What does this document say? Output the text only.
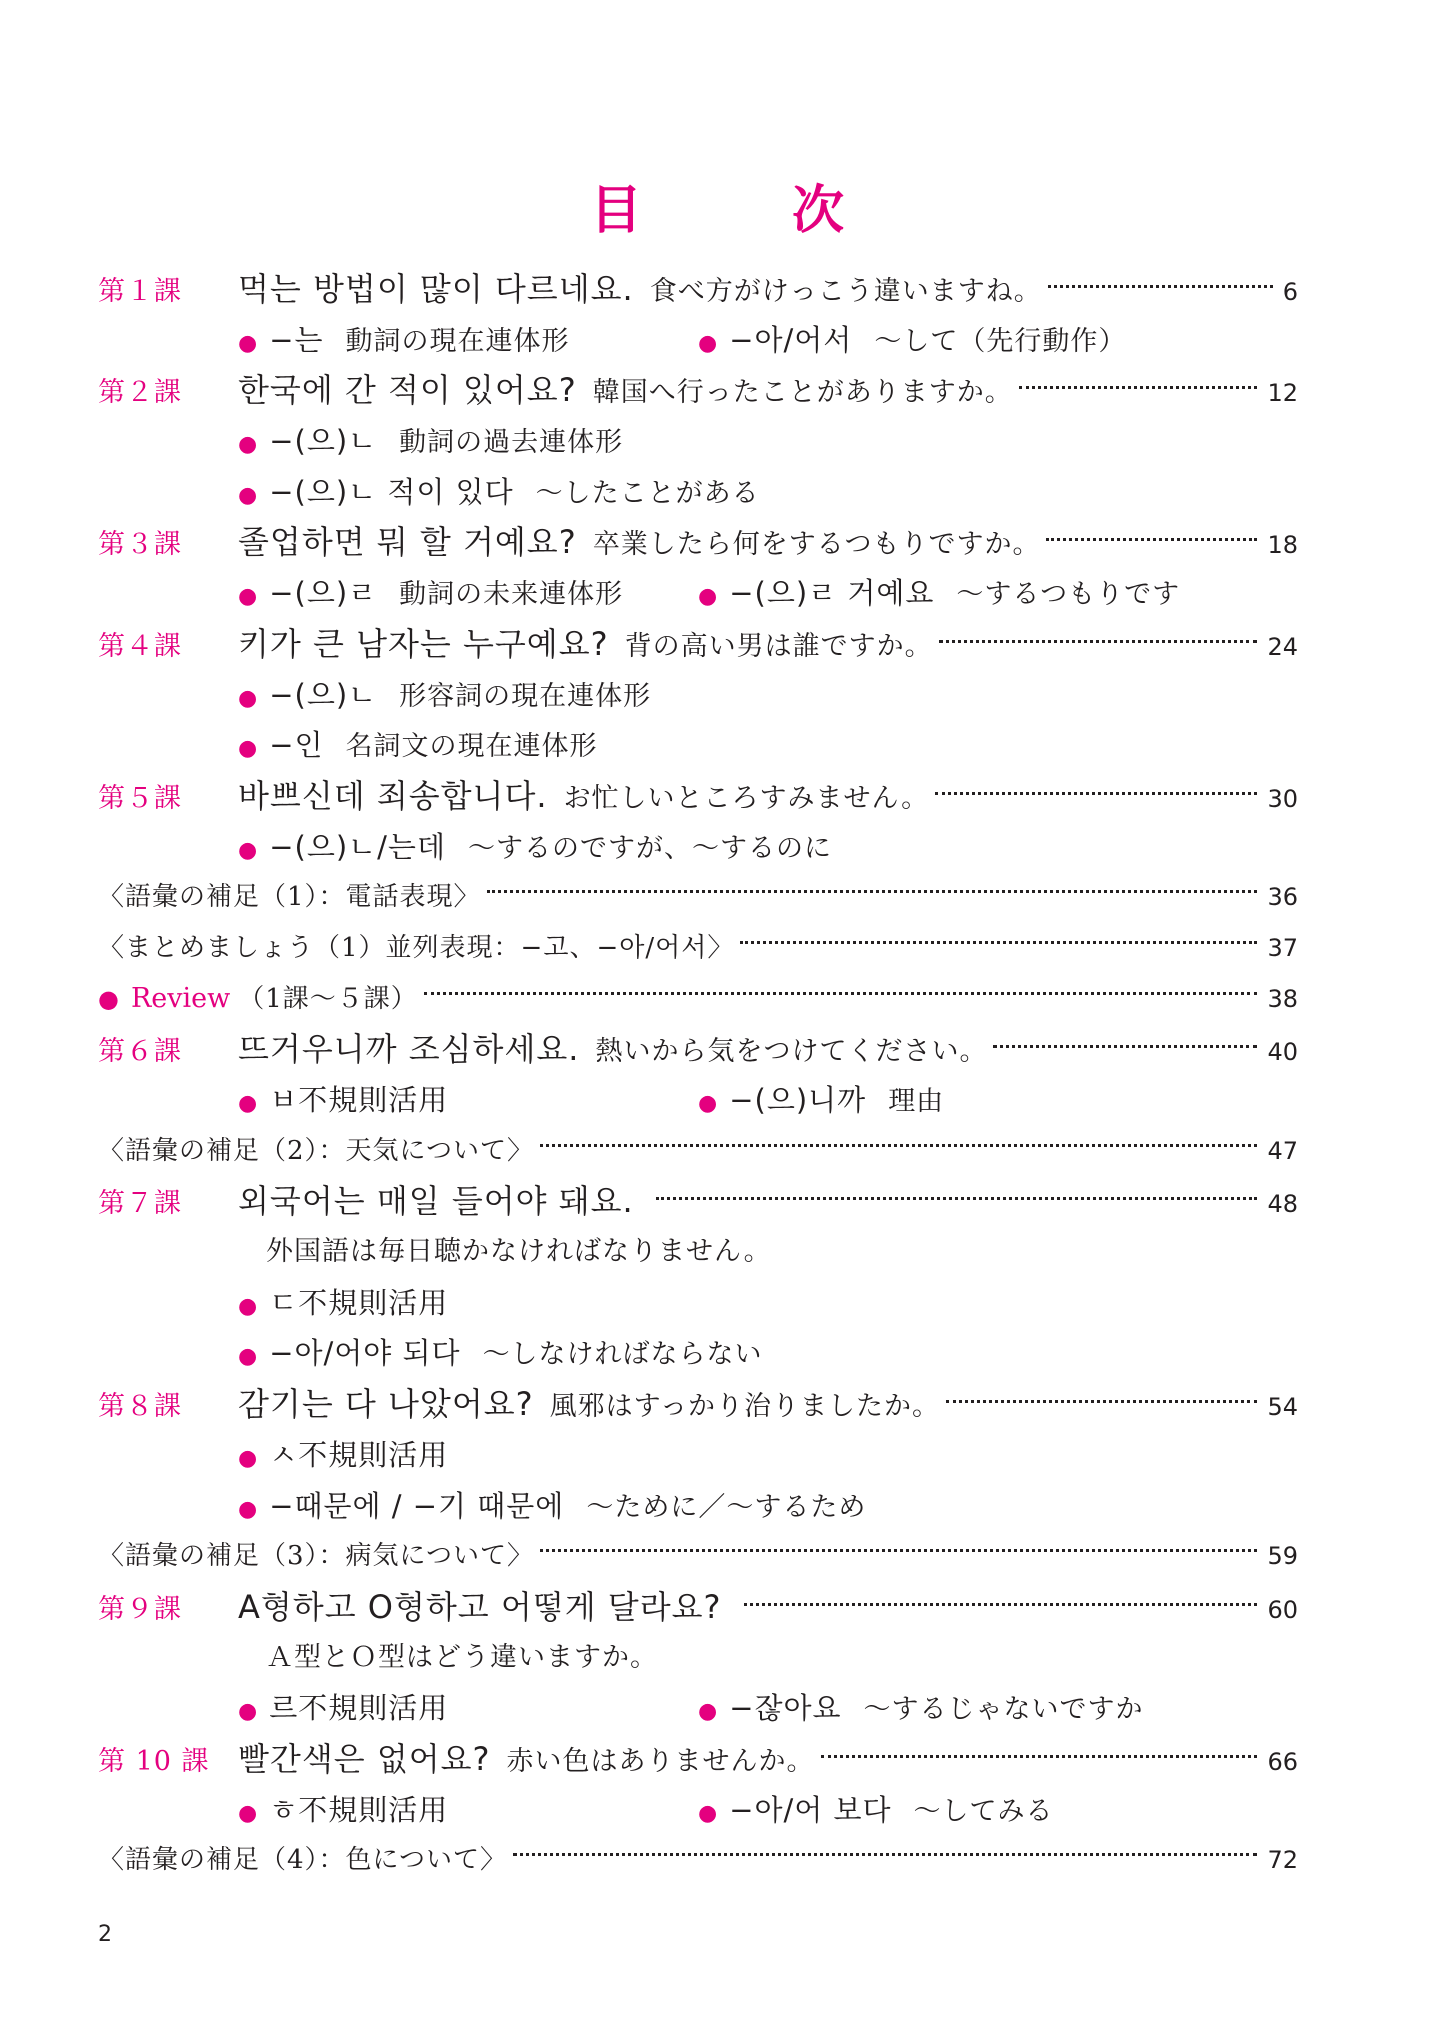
目	次
第１課	먹는 방법이 많이 다르네요. 食べ方がけっこう違いますね。	6
● −는 動詞の現在連体形	● −아/어서 〜して（先行動作）
第２課	한국에 간 적이 있어요? 韓国へ行ったことがありますか。	12
● −(으)ㄴ 動詞の過去連体形
● −(으)ㄴ 적이 있다 〜したことがある
第３課	졸업하면 뭐 할 거예요? 卒業したら何をするつもりですか。	18
● −(으)ㄹ 動詞の未来連体形	● −(으)ㄹ 거예요 〜するつもりです
第４課	키가 큰 남자는 누구예요? 背の高い男は誰ですか。	24
● −(으)ㄴ 形容詞の現在連体形
● −인 名詞文の現在連体形
第５課	바쁘신데 죄송합니다. お忙しいところすみません。	30
● −(으)ㄴ/는데 〜するのですが、〜するのに
〈語彙の補足（1）：電話表現〉	36
〈まとめましょう（1）並列表現：−고、−아/어서〉	37
● Review （1課〜５課）	38
第６課	뜨거우니까 조심하세요. 熱いから気をつけてください。	40
● ㅂ不規則活用	● −(으)니까 理由
〈語彙の補足（2）：天気について〉	47
第７課	외국어는 매일 들어야 돼요.	48
外国語は毎日聴かなければなりません。
● ㄷ不規則活用
● −아/어야 되다 〜しなければならない
第８課	감기는 다 나았어요? 風邪はすっかり治りましたか。	54
● ㅅ不規則活用
● −때문에 / −기 때문에 〜ために／〜するため
〈語彙の補足（3）：病気について〉	59
第９課	A형하고 O형하고 어떻게 달라요?	60
Ａ型とＯ型はどう違いますか。
● 르不規則活用	● −잖아요 〜するじゃないですか
第 10 課 빨간색은 없어요? 赤い色はありませんか。	66
● ㅎ不規則活用	● −아/어 보다 〜してみる
〈語彙の補足（4）：色について〉	72
2
